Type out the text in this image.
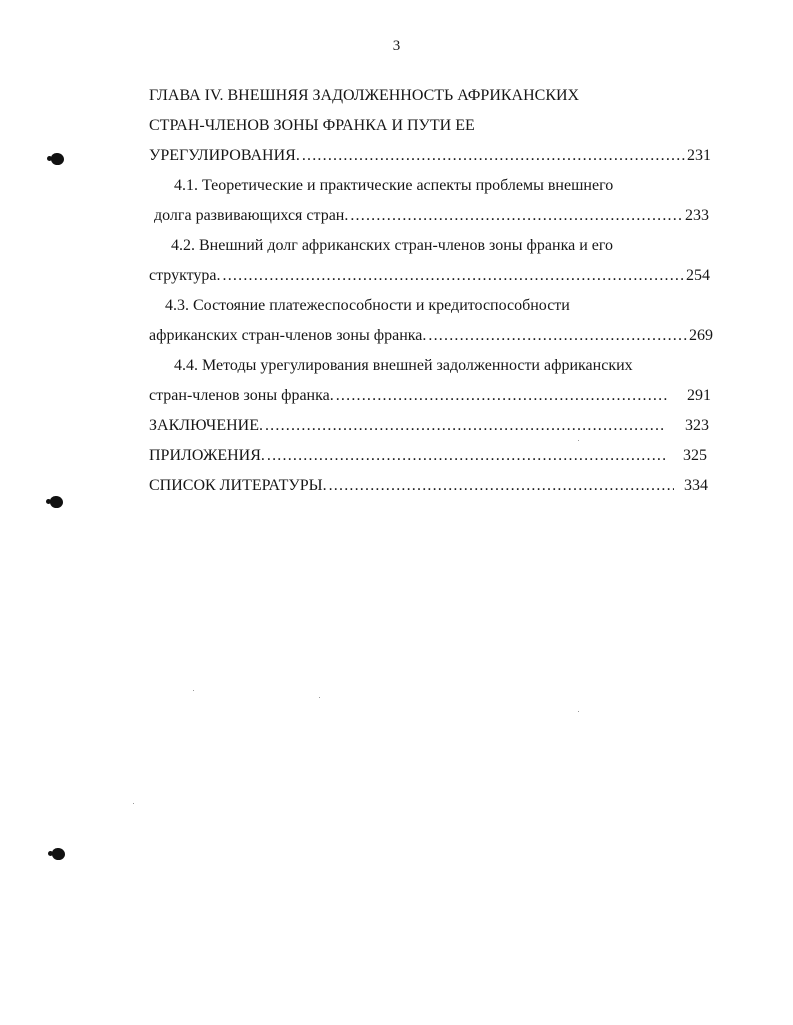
3
ГЛАВА IV. ВНЕШНЯЯ ЗАДОЛЖЕННОСТЬ АФРИКАНСКИХ
СТРАН-ЧЛЕНОВ ЗОНЫ ФРАНКА И ПУТИ ЕЕ
УРЕГУЛИРОВАНИЯ. .....	231
4.1. Теоретические и практические аспекты проблемы внешнего
долга развивающихся стран. .....	233
4.2. Внешний долг африканских стран-членов зоны франка и его
структура. .....	254
4.3. Состояние платежеспособности и кредитоспособности
африканских стран-членов зоны франка. .....	269
4.4. Методы урегулирования внешней задолженности африканских
стран-членов зоны франка. .....	291
ЗАКЛЮЧЕНИЕ. .....	323
ПРИЛОЖЕНИЯ. .....	325
СПИСОК ЛИТЕРАТУРЫ. .....	334
